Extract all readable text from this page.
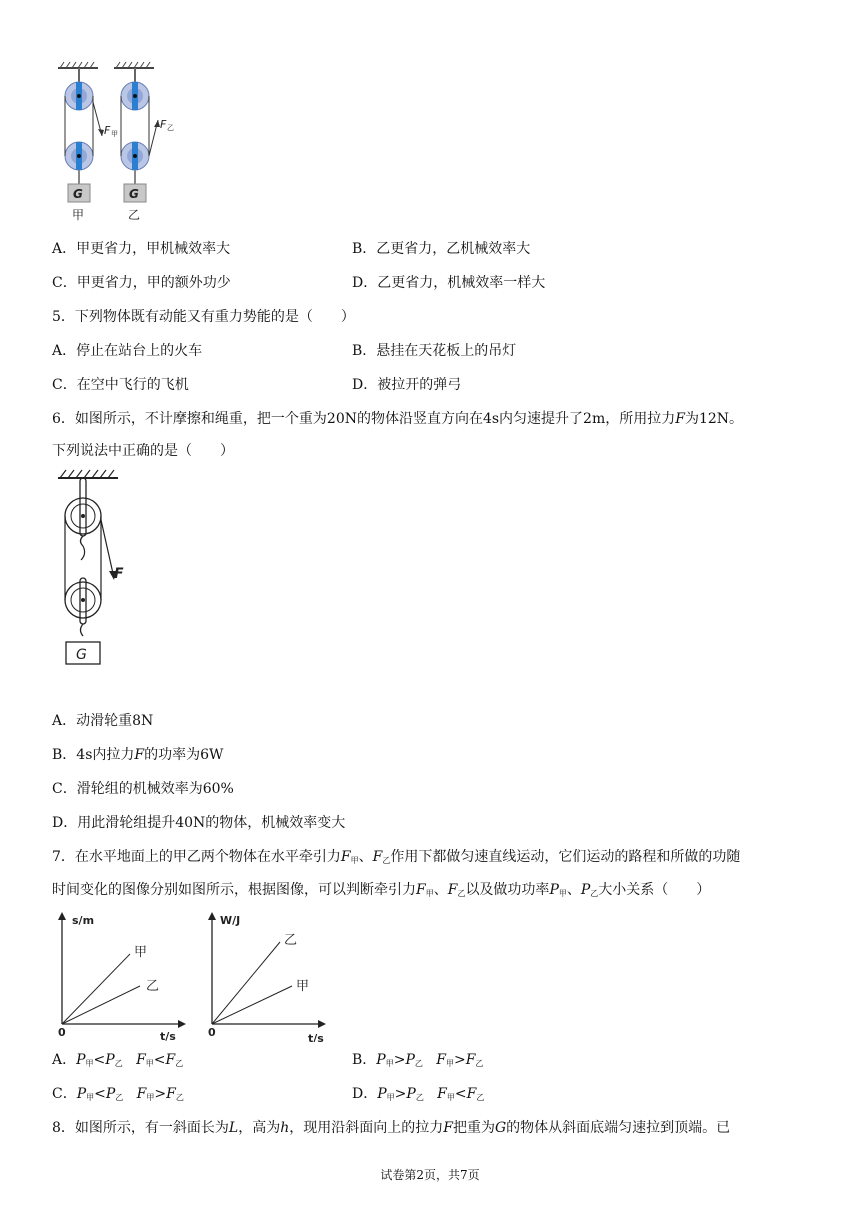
G	G
F 甲
F 乙
甲	乙
A．甲更省力，甲机械效率大	B．乙更省力，乙机械效率大
C．甲更省力，甲的额外功少	D．乙更省力，机械效率一样大
5．下列物体既有动能又有重力势能的是（　　）
A．停止在站台上的火车	B．悬挂在天花板上的吊灯
C．在空中飞行的飞机	D．被拉开的弹弓
6．如图所示，不计摩擦和绳重，把一个重为20N的物体沿竖直方向在4s内匀速提升了2m，所用拉力F为12N。
下列说法中正确的是（　　）
F
G
A．动滑轮重8N
B．4s内拉力F的功率为6W
C．滑轮组的机械效率为60%
D．用此滑轮组提升40N的物体，机械效率变大
7．在水平地面上的甲乙两个物体在水平牵引力$F_甲$、$F_乙$作用下都做匀速直线运动，它们运动的路程和所做的功随
时间变化的图像分别如图所示，根据图像，可以判断牵引力$F_甲$、$F_乙$以及做功功率$P_甲$、$P_乙$大小关系（　　）
s/m
t/s
0
甲
乙
W/J
t/s
0
乙
甲
A．$P_甲<P_乙$ $F_甲<F_乙$	B．$P_甲>P_乙$ $F_甲>F_乙$
C．$P_甲<P_乙$ $F_甲>F_乙$	D．$P_甲>P_乙$ $F_甲<F_乙$
8．如图所示，有一斜面长为L，高为h，现用沿斜面向上的拉力F把重为G的物体从斜面底端匀速拉到顶端。已
试卷第2页，共7页
